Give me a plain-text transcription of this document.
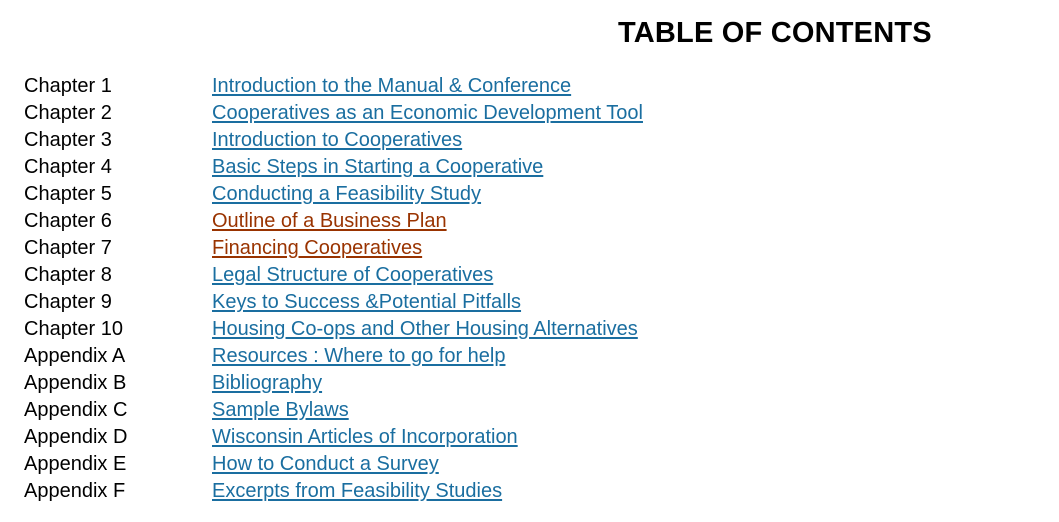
TABLE OF CONTENTS
Chapter 1	Introduction to the Manual & Conference
Chapter 2	Cooperatives as an Economic Development Tool
Chapter 3	Introduction to Cooperatives
Chapter 4	Basic Steps in Starting a Cooperative
Chapter 5	Conducting a Feasibility Study
Chapter 6	Outline of a Business Plan
Chapter 7	Financing Cooperatives
Chapter 8	Legal Structure of Cooperatives
Chapter 9	Keys to Success &Potential Pitfalls
Chapter 10	Housing Co-ops and Other Housing Alternatives
Appendix A	Resources : Where to go for help
Appendix B	Bibliography
Appendix C	Sample Bylaws
Appendix D	Wisconsin Articles of Incorporation
Appendix E	How to Conduct a Survey
Appendix F	Excerpts from Feasibility Studies
